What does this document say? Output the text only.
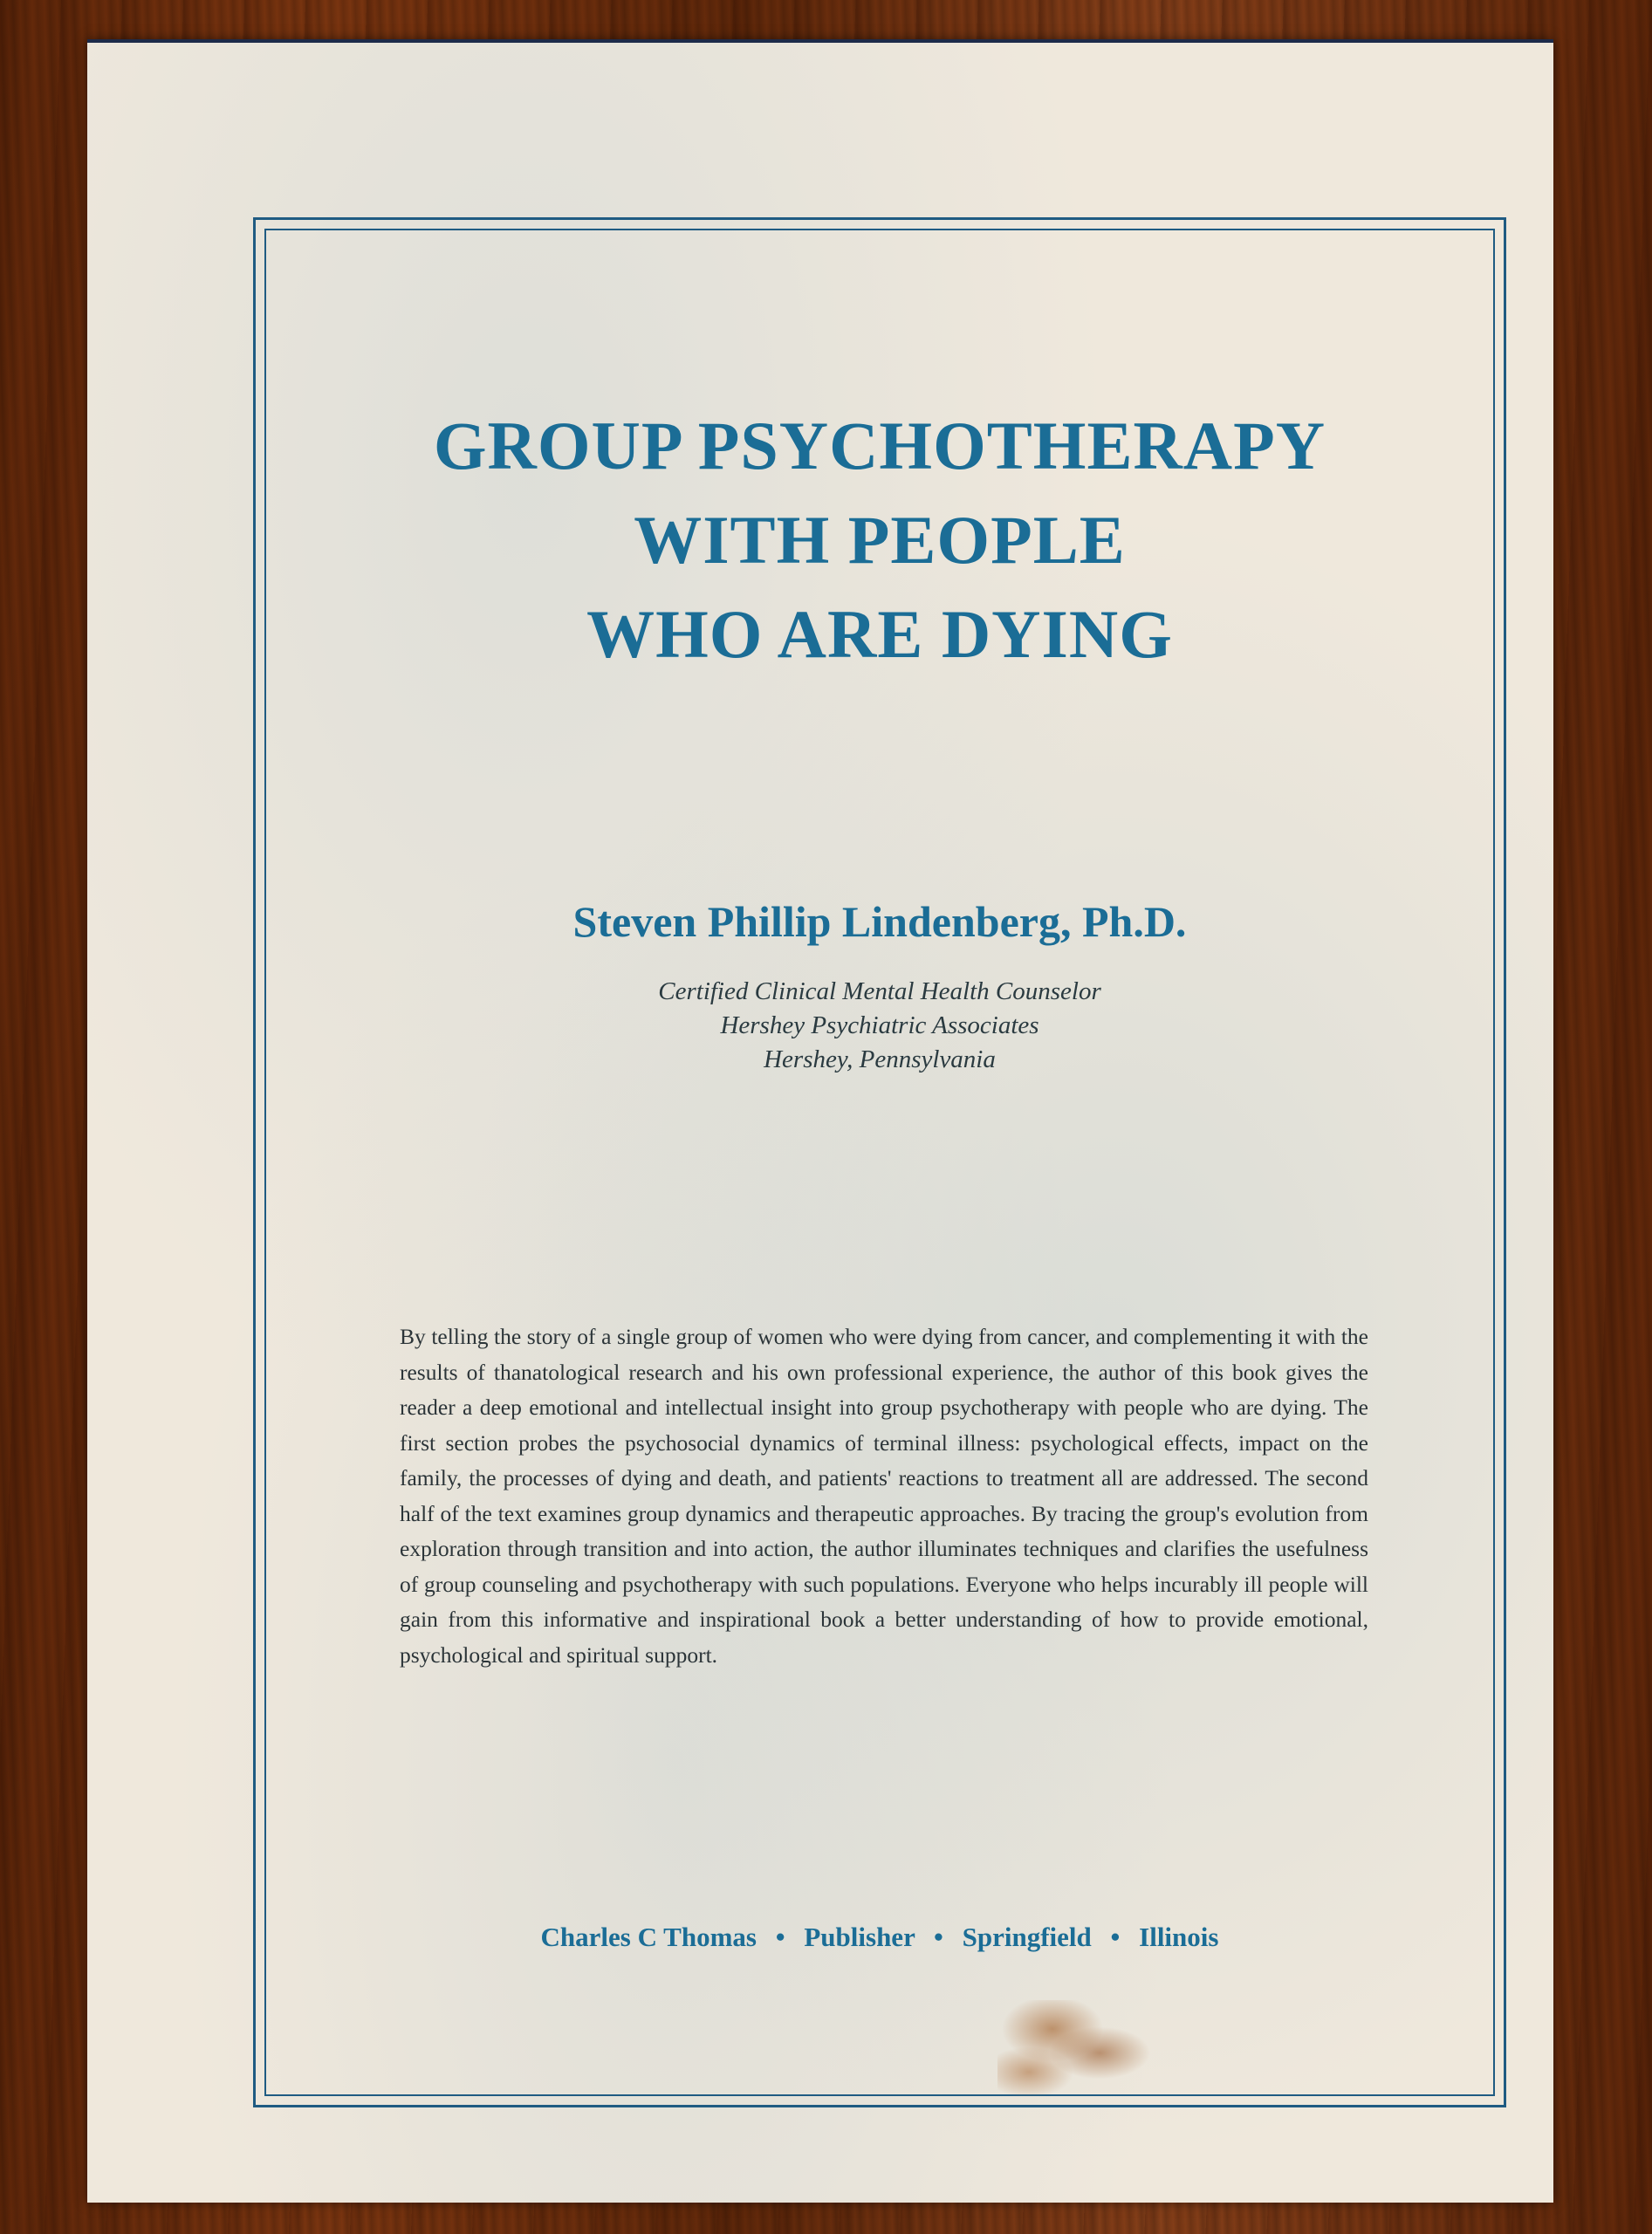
GROUP PSYCHOTHERAPY
WITH PEOPLE
WHO ARE DYING
Steven Phillip Lindenberg, Ph.D.
Certified Clinical Mental Health Counselor
Hershey Psychiatric Associates
Hershey, Pennsylvania
By telling the story of a single group of women who were dying from cancer, and complementing it with the results of thanatological research and his own professional experience, the author of this book gives the reader a deep emotional and intellectual insight into group psychotherapy with people who are dying. The first section probes the psychosocial dynamics of terminal illness: psychological effects, impact on the family, the processes of dying and death, and patients' reactions to treatment all are addressed. The second half of the text examines group dynamics and therapeutic approaches. By tracing the group's evolution from exploration through transition and into action, the author illuminates techniques and clarifies the usefulness of group counseling and psychotherapy with such populations. Everyone who helps incurably ill people will gain from this informative and inspirational book a better understanding of how to provide emotional, psychological and spiritual support.
Charles C Thomas • Publisher • Springfield • Illinois
